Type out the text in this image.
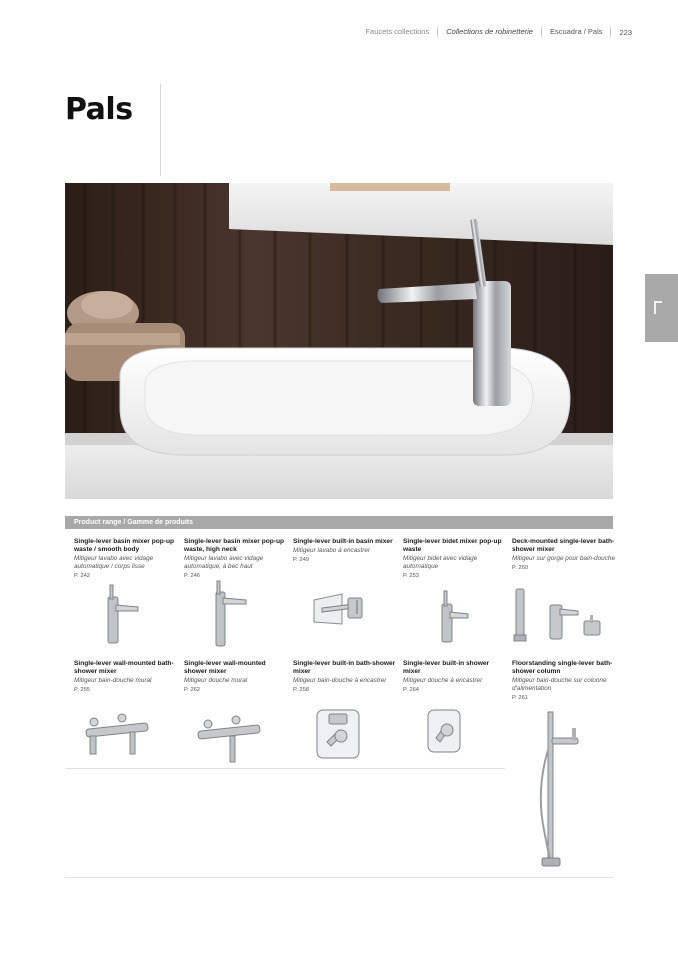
Faucets collections	Collections de robinetterie	Escuadra / Pals	223
Pals
Product range / Gamme de produits
Single-lever basin mixer pop-up waste / smooth body
Mitigeur lavabo avec vidage automatique / corps lisse
P. 242
Single-lever basin mixer pop-up waste, high neck
Mitigeur lavabo avec vidage automatique, à bec haut
P. 246
Single-lever built-in basin mixer
Mitigeur lavabo à encastrer
P. 249
Single-lever bidet mixer pop-up waste
Mitigeur bidet avec vidage automatique
P. 253
Deck-mounted single-lever bath-shower mixer
Mitigeur sur gorge pour bain-douche
P. 260
Single-lever wall-mounted bath-shower mixer
Mitigeur bain-douche mural
P. 255
Single-lever wall-mounted shower mixer
Mitigeur douche mural
P. 262
Single-lever built-in bath-shower mixer
Mitigeur bain-douche à encastrer
P. 258
Single-lever built-in shower mixer
Mitigeur douche à encastrer
P. 264
Floorstanding single-lever bath-shower column
Mitigeur bain-douche sur colonne d'alimentation
P. 261
